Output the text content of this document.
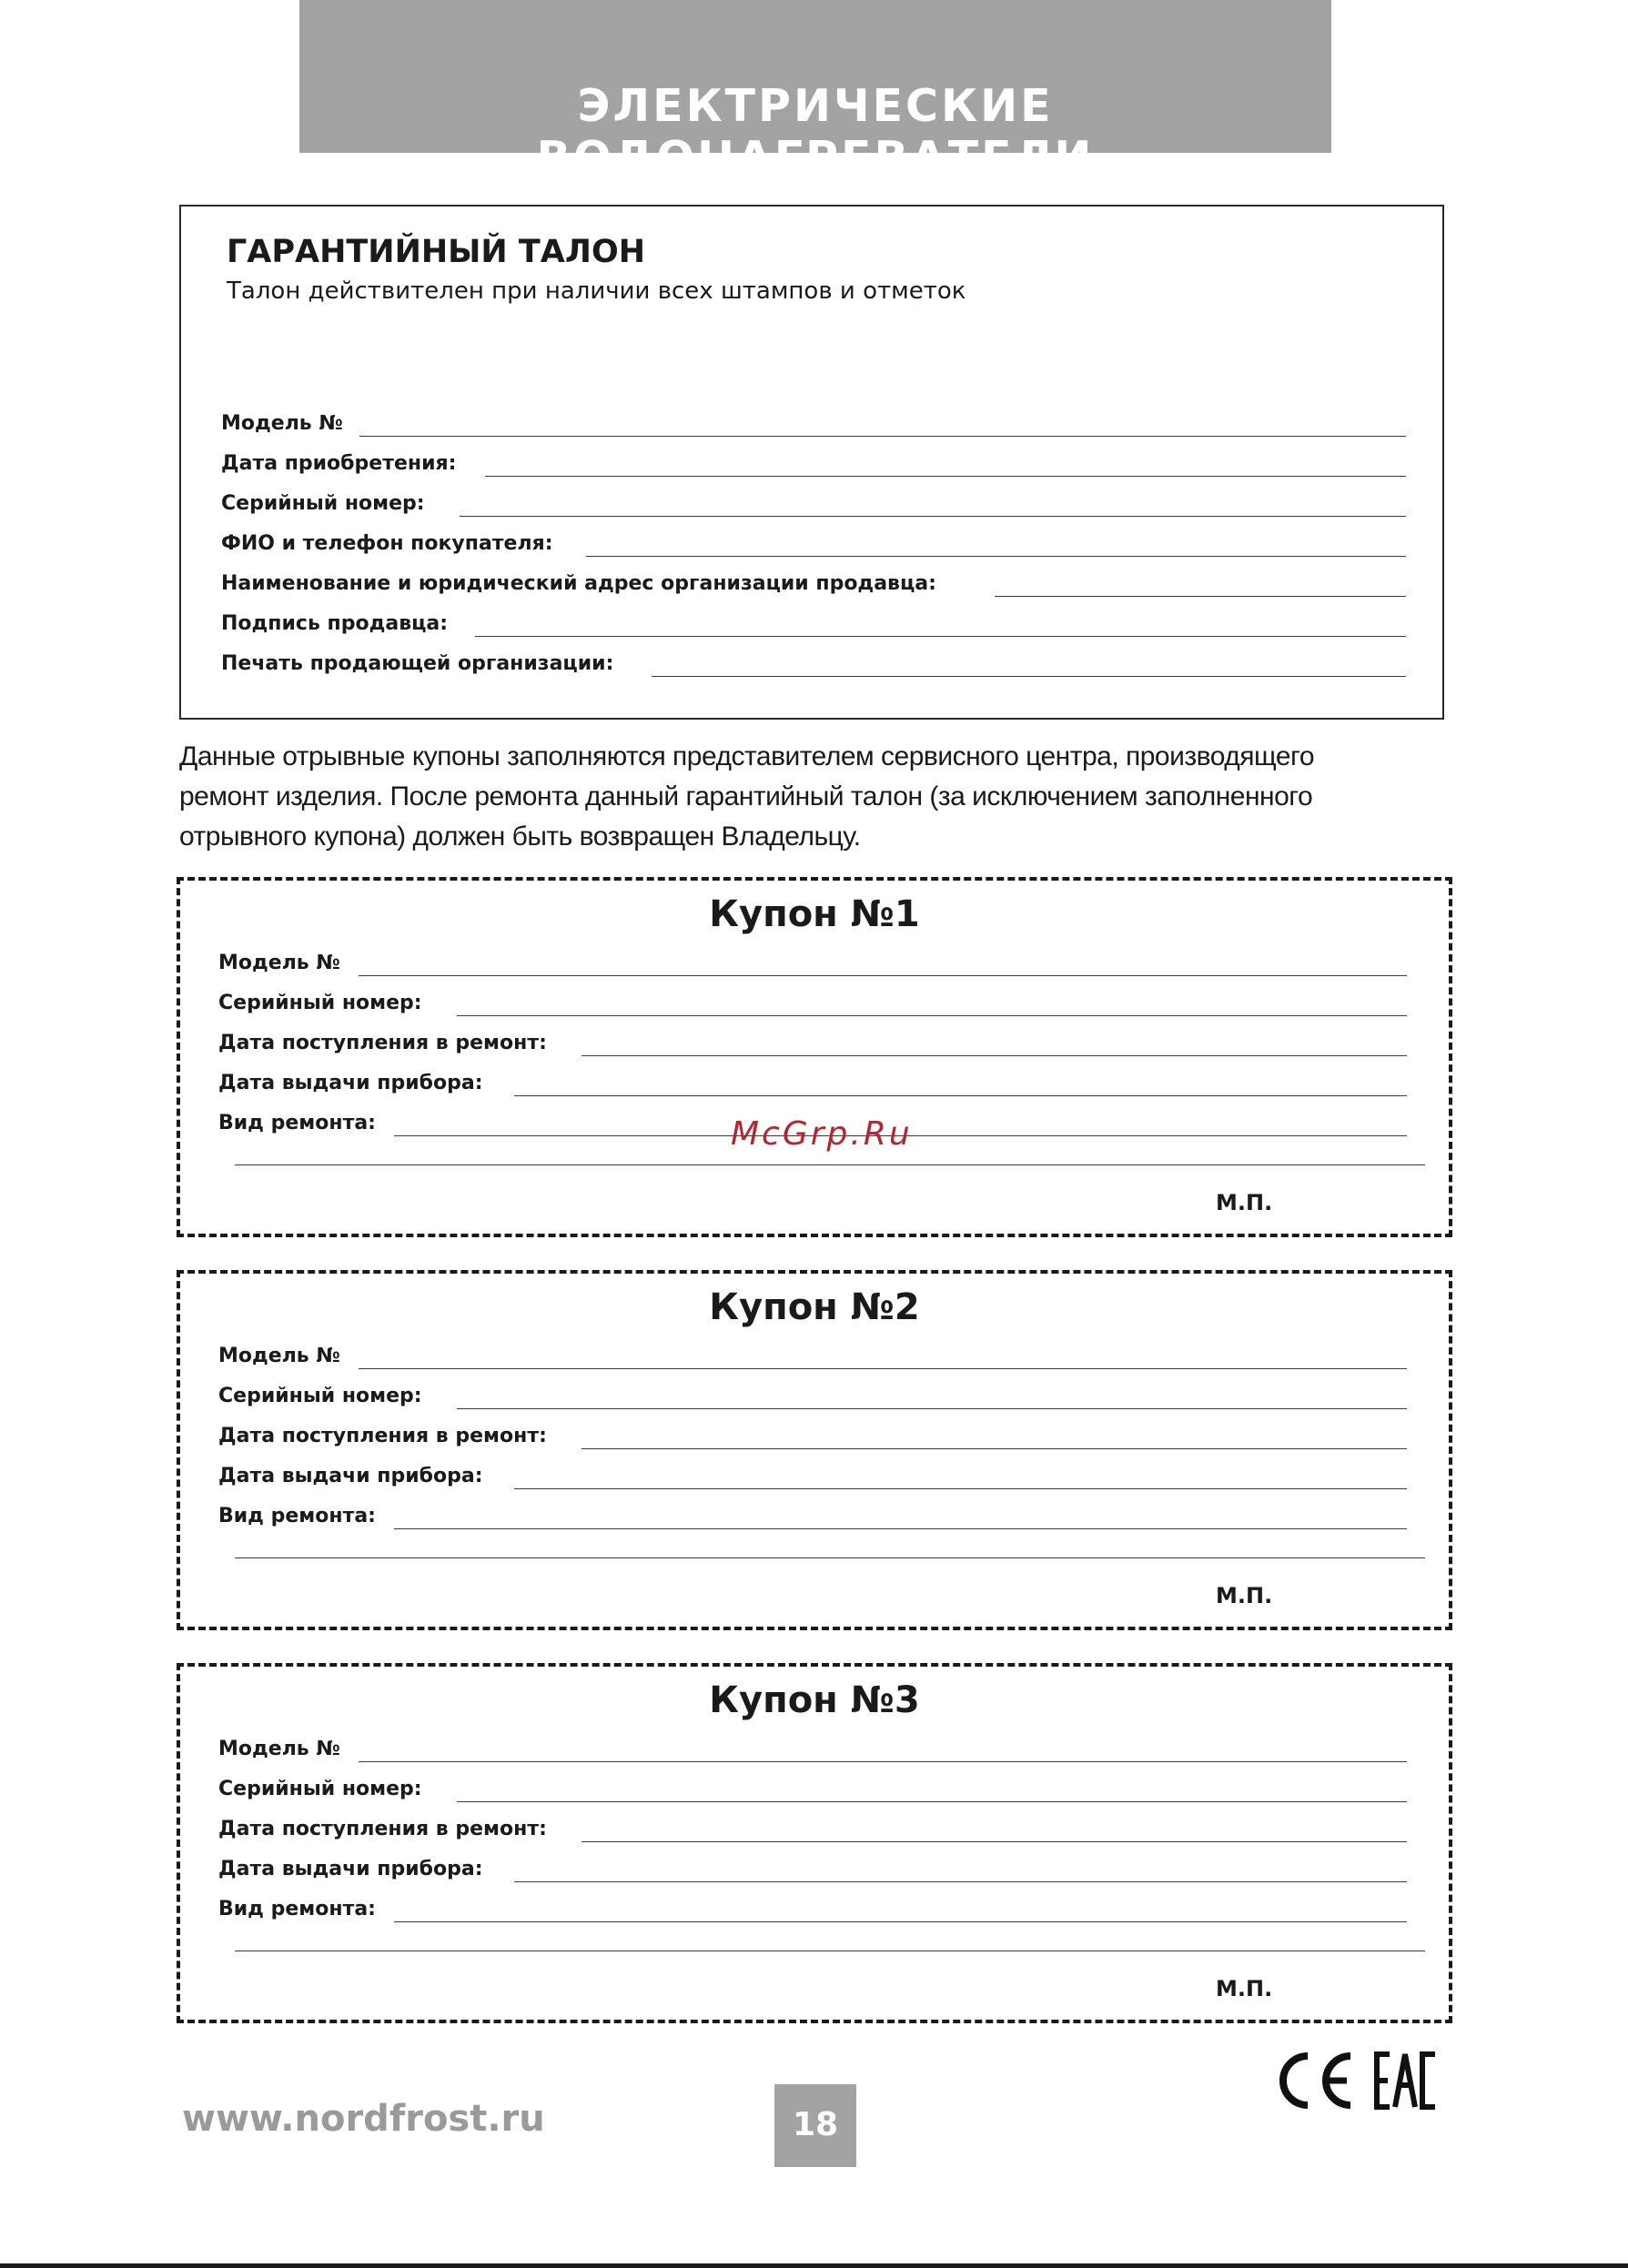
ЭЛЕКТРИЧЕСКИЕ ВОДОНАГРЕВАТЕЛИ
ГАРАНТИЙНЫЙ ТАЛОН
Талон действителен при наличии всех штампов и отметок
Модель №
Дата приобретения:
Серийный номер:
ФИО и телефон покупателя:
Наименование и юридический адрес организации продавца:
Подпись продавца:
Печать продающей организации:
Данные отрывные купоны заполняются представителем сервисного центра, производящего
ремонт изделия. После ремонта данный гарантийный талон (за исключением заполненного
отрывного купона) должен быть возвращен Владельцу.
Купон №1
Модель №
Серийный номер:
Дата поступления в ремонт:
Дата выдачи прибора:
Вид ремонта:
М.П.
Купон №2
Модель №
Серийный номер:
Дата поступления в ремонт:
Дата выдачи прибора:
Вид ремонта:
М.П.
Купон №3
Модель №
Серийный номер:
Дата поступления в ремонт:
Дата выдачи прибора:
Вид ремонта:
М.П.
McGrp.Ru
www.nordfrost.ru	18
